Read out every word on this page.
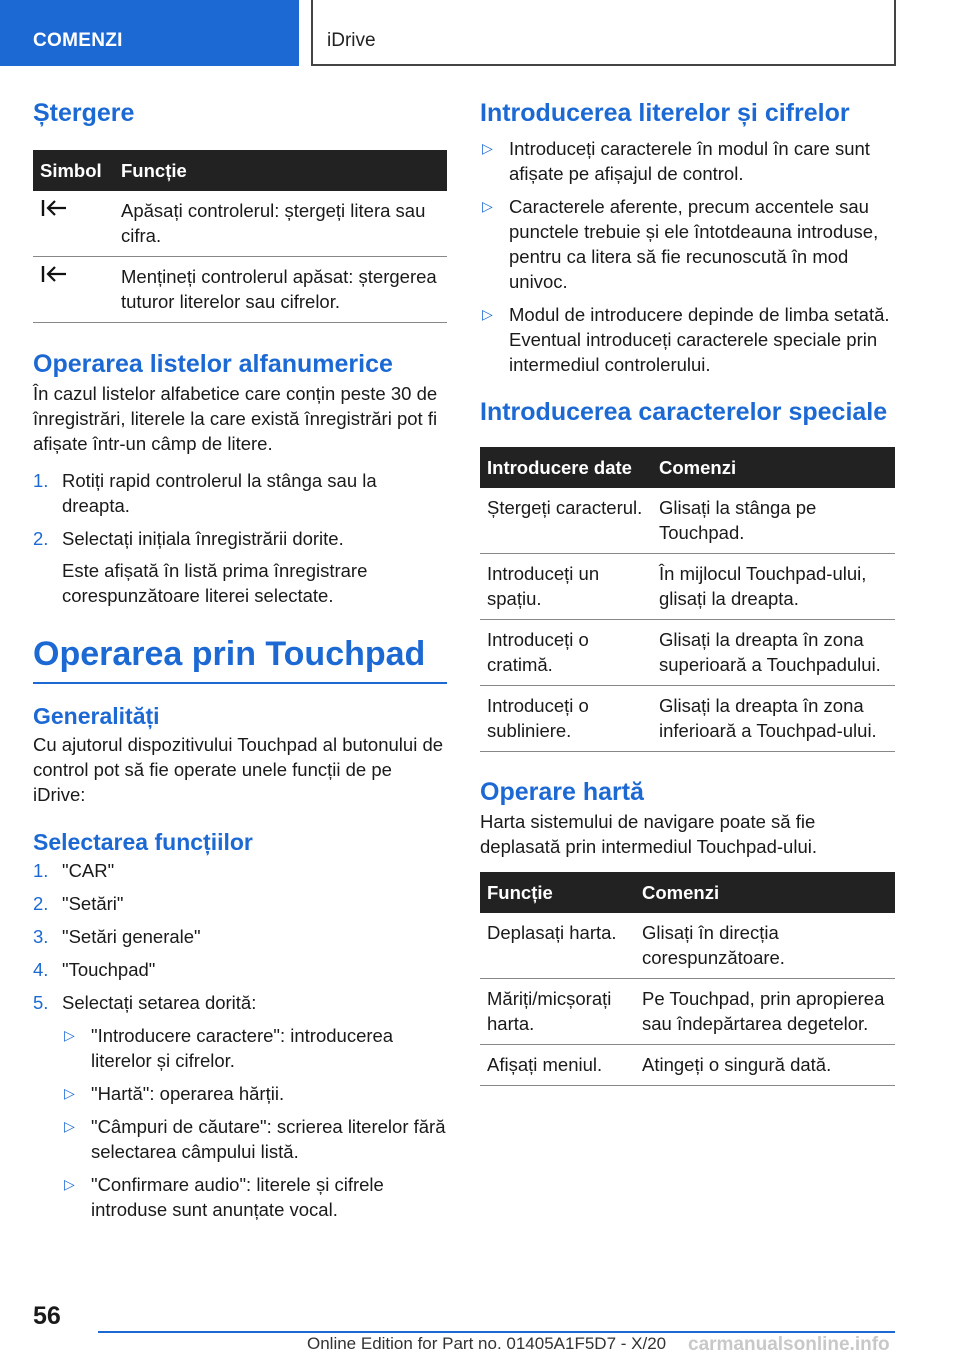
COMENZI	iDrive
Ștergere
Simbol	Funcție
	Apăsați controlerul: ștergeți litera sau cifra.
	Mențineți controlerul apăsat: ștergerea tuturor literelor sau cifrelor.
Operarea listelor alfanumerice

În cazul listelor alfabetice care conțin peste 30 de înregistrări, literele la care există înregistrări pot fi afișate într-un câmp de litere.

1. Rotiți rapid controlerul la stânga sau la dreapta.
2. Selectați inițiala înregistrării dorite.
Este afișată în listă prima înregistrare corespunzătoare literei selectate.
Operarea prin Touchpad
Generalități

Cu ajutorul dispozitivului Touchpad al butonului de control pot să fie operate unele funcții de pe iDrive:

Selectarea funcțiilor
1. "CAR"
2. "Setări"
3. "Setări generale"
4. "Touchpad"
5. Selectați setarea dorită:
▷ "Introducere caractere": introducerea literelor și cifrelor.
▷ "Hartă": operarea hărții.
▷ "Câmpuri de căutare": scrierea literelor fără selectarea câmpului listă.
▷ "Confirmare audio": literele și cifrele introduse sunt anunțate vocal.
Introducerea literelor și cifrelor
▷ Introduceți caracterele în modul în care sunt afișate pe afișajul de control.
▷ Caracterele aferente, precum accentele sau punctele trebuie și ele întotdeauna introduse, pentru ca litera să fie recunoscută în mod univoc.
▷ Modul de introducere depinde de limba setată. Eventual introduceți caracterele speciale prin intermediul controlerului.
Introducerea caracterelor speciale
Introducere date	Comenzi
Ștergeți caracterul.	Glisați la stânga pe Touchpad.
Introduceți un spațiu.	În mijlocul Touchpad-ului, glisați la dreapta.
Introduceți o cratimă.	Glisați la dreapta în zona superioară a Touchpadului.
Introduceți o subliniere.	Glisați la dreapta în zona inferioară a Touchpad-ului.
Operare hartă

Harta sistemului de navigare poate să fie deplasată prin intermediul Touchpad-ului.

Funcție	Comenzi
Deplasați harta.	Glisați în direcția corespunzătoare.
Măriți/micșorați harta.	Pe Touchpad, prin apropierea sau îndepărtarea degetelor.
Afișați meniul.	Atingeți o singură dată.
56
Online Edition for Part no. 01405A1F5D7 - X/20 carmanualsonline.info
